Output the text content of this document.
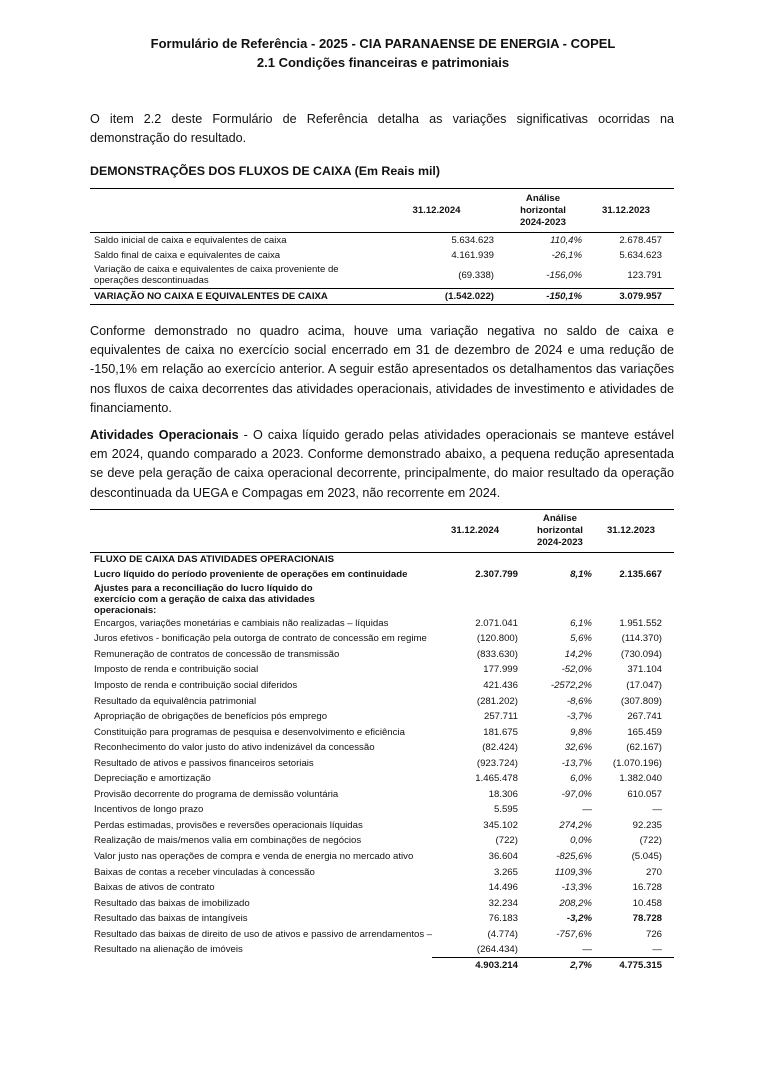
Formulário de Referência - 2025 - CIA PARANAENSE DE ENERGIA - COPEL
2.1 Condições financeiras e patrimoniais

O item 2.2 deste Formulário de Referência detalha as variações significativas ocorridas na demonstração do resultado.

DEMONSTRAÇÕES DOS FLUXOS DE CAIXA (Em Reais mil)
	31.12.2024	Análise
horizontal
2024-2023	31.12.2023
Saldo inicial de caixa e equivalentes de caixa	5.634.623	110,4%	2.678.457
Saldo final de caixa e equivalentes de caixa	4.161.939	-26,1%	5.634.623
Variação de caixa e equivalentes de caixa proveniente de operações descontinuadas	(69.338)	-156,0%	123.791
VARIAÇÃO NO CAIXA E EQUIVALENTES DE CAIXA	(1.542.022)	-150,1%	3.079.957

Conforme demonstrado no quadro acima, houve uma variação negativa no saldo de caixa e equivalentes de caixa no exercício social encerrado em 31 de dezembro de 2024 e uma redução de -150,1% em relação ao exercício anterior. A seguir estão apresentados os detalhamentos das variações nos fluxos de caixa decorrentes das atividades operacionais, atividades de investimento e atividades de financiamento.

Atividades Operacionais - O caixa líquido gerado pelas atividades operacionais se manteve estável em 2024, quando comparado a 2023. Conforme demonstrado abaixo, a pequena redução apresentada se deve pela geração de caixa operacional decorrente, principalmente, do maior resultado da operação descontinuada da UEGA e Compagas em 2023, não recorrente em 2024.

	31.12.2024	Análise
horizontal
2024-2023	31.12.2023
FLUXO DE CAIXA DAS ATIVIDADES OPERACIONAIS			
Lucro líquido do período proveniente de operações em continuidade	2.307.799	8,1%	2.135.667
Ajustes para a reconciliação do lucro líquido do exercício com a geração de caixa das atividades operacionais:			
Encargos, variações monetárias e cambiais não realizadas – líquidas	2.071.041	6,1%	1.951.552
Juros efetivos - bonificação pela outorga de contrato de concessão em regime	(120.800)	5,6%	(114.370)
Remuneração de contratos de concessão de transmissão	(833.630)	14,2%	(730.094)
Imposto de renda e contribuição social	177.999	-52,0%	371.104
Imposto de renda e contribuição social diferidos	421.436	-2572,2%	(17.047)
Resultado da equivalência patrimonial	(281.202)	-8,6%	(307.809)
Apropriação de obrigações de benefícios pós emprego	257.711	-3,7%	267.741
Constituição para programas de pesquisa e desenvolvimento e eficiência	181.675	9,8%	165.459
Reconhecimento do valor justo do ativo indenizável da concessão	(82.424)	32,6%	(62.167)
Resultado de ativos e passivos financeiros setoriais	(923.724)	-13,7%	(1.070.196)
Depreciação e amortização	1.465.478	6,0%	1.382.040
Provisão decorrente do programa de demissão voluntária	18.306	-97,0%	610.057
Incentivos de longo prazo	5.595	—	—
Perdas estimadas, provisões e reversões operacionais líquidas	345.102	274,2%	92.235
Realização de mais/menos valia em combinações de negócios	(722)	0,0%	(722)
Valor justo nas operações de compra e venda de energia no mercado ativo	36.604	-825,6%	(5.045)
Baixas de contas a receber vinculadas à concessão	3.265	1109,3%	270
Baixas de ativos de contrato	14.496	-13,3%	16.728
Resultado das baixas de imobilizado	32.234	208,2%	10.458
Resultado das baixas de intangíveis	76.183	-3,2%	78.728
Resultado das baixas de direito de uso de ativos e passivo de arrendamentos –	(4.774)	-757,6%	726
Resultado na alienação de imóveis	(264.434)	—	—
	4.903.214	2,7%	4.775.315
